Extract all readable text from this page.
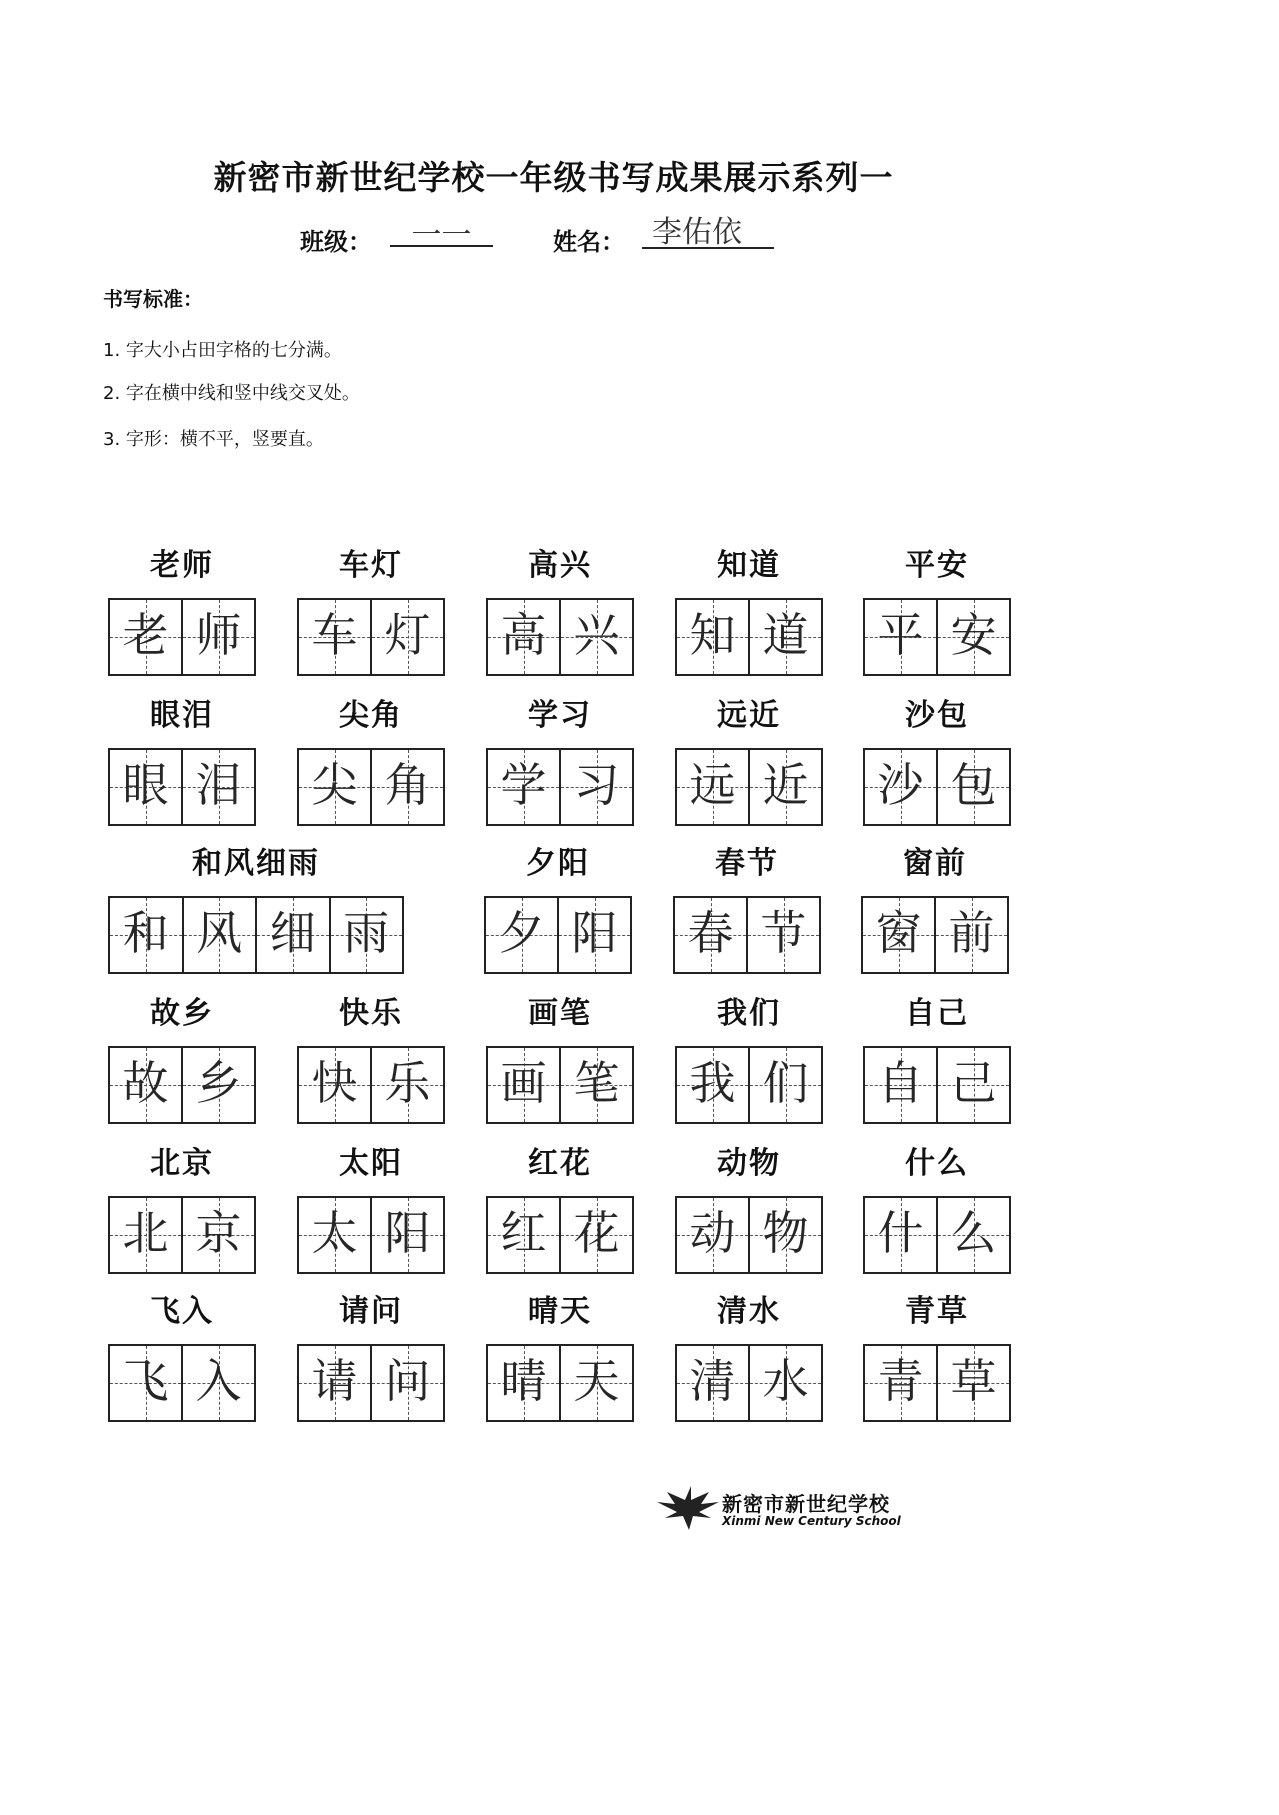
新密市新世纪学校一年级书写成果展示系列一
班级：	一一	姓名： 李佑依
书写标准：
1. 字大小占田字格的七分满。
2. 字在横中线和竖中线交叉处。
3. 字形：横不平，竖要直。
老师
老 师
车灯
车 灯
高兴
高 兴
知道
知 道
平安
平 安
眼泪
眼 泪
尖角
尖 角
学习
学 习
远近
远 近
沙包
沙 包
和风细雨
和 风 细 雨
夕阳
夕 阳
春节
春 节
窗前
窗 前
故乡
故 乡
快乐
快 乐
画笔
画 笔
我们
我 们
自己
自 己
北京
北 京
太阳
太 阳
红花
红 花
动物
动 物
什么
什 么
飞入
飞 入
请问
请 问
晴天
晴 天
清水
清 水
青草
青 草
新密市新世纪学校
Xinmi New Century School
